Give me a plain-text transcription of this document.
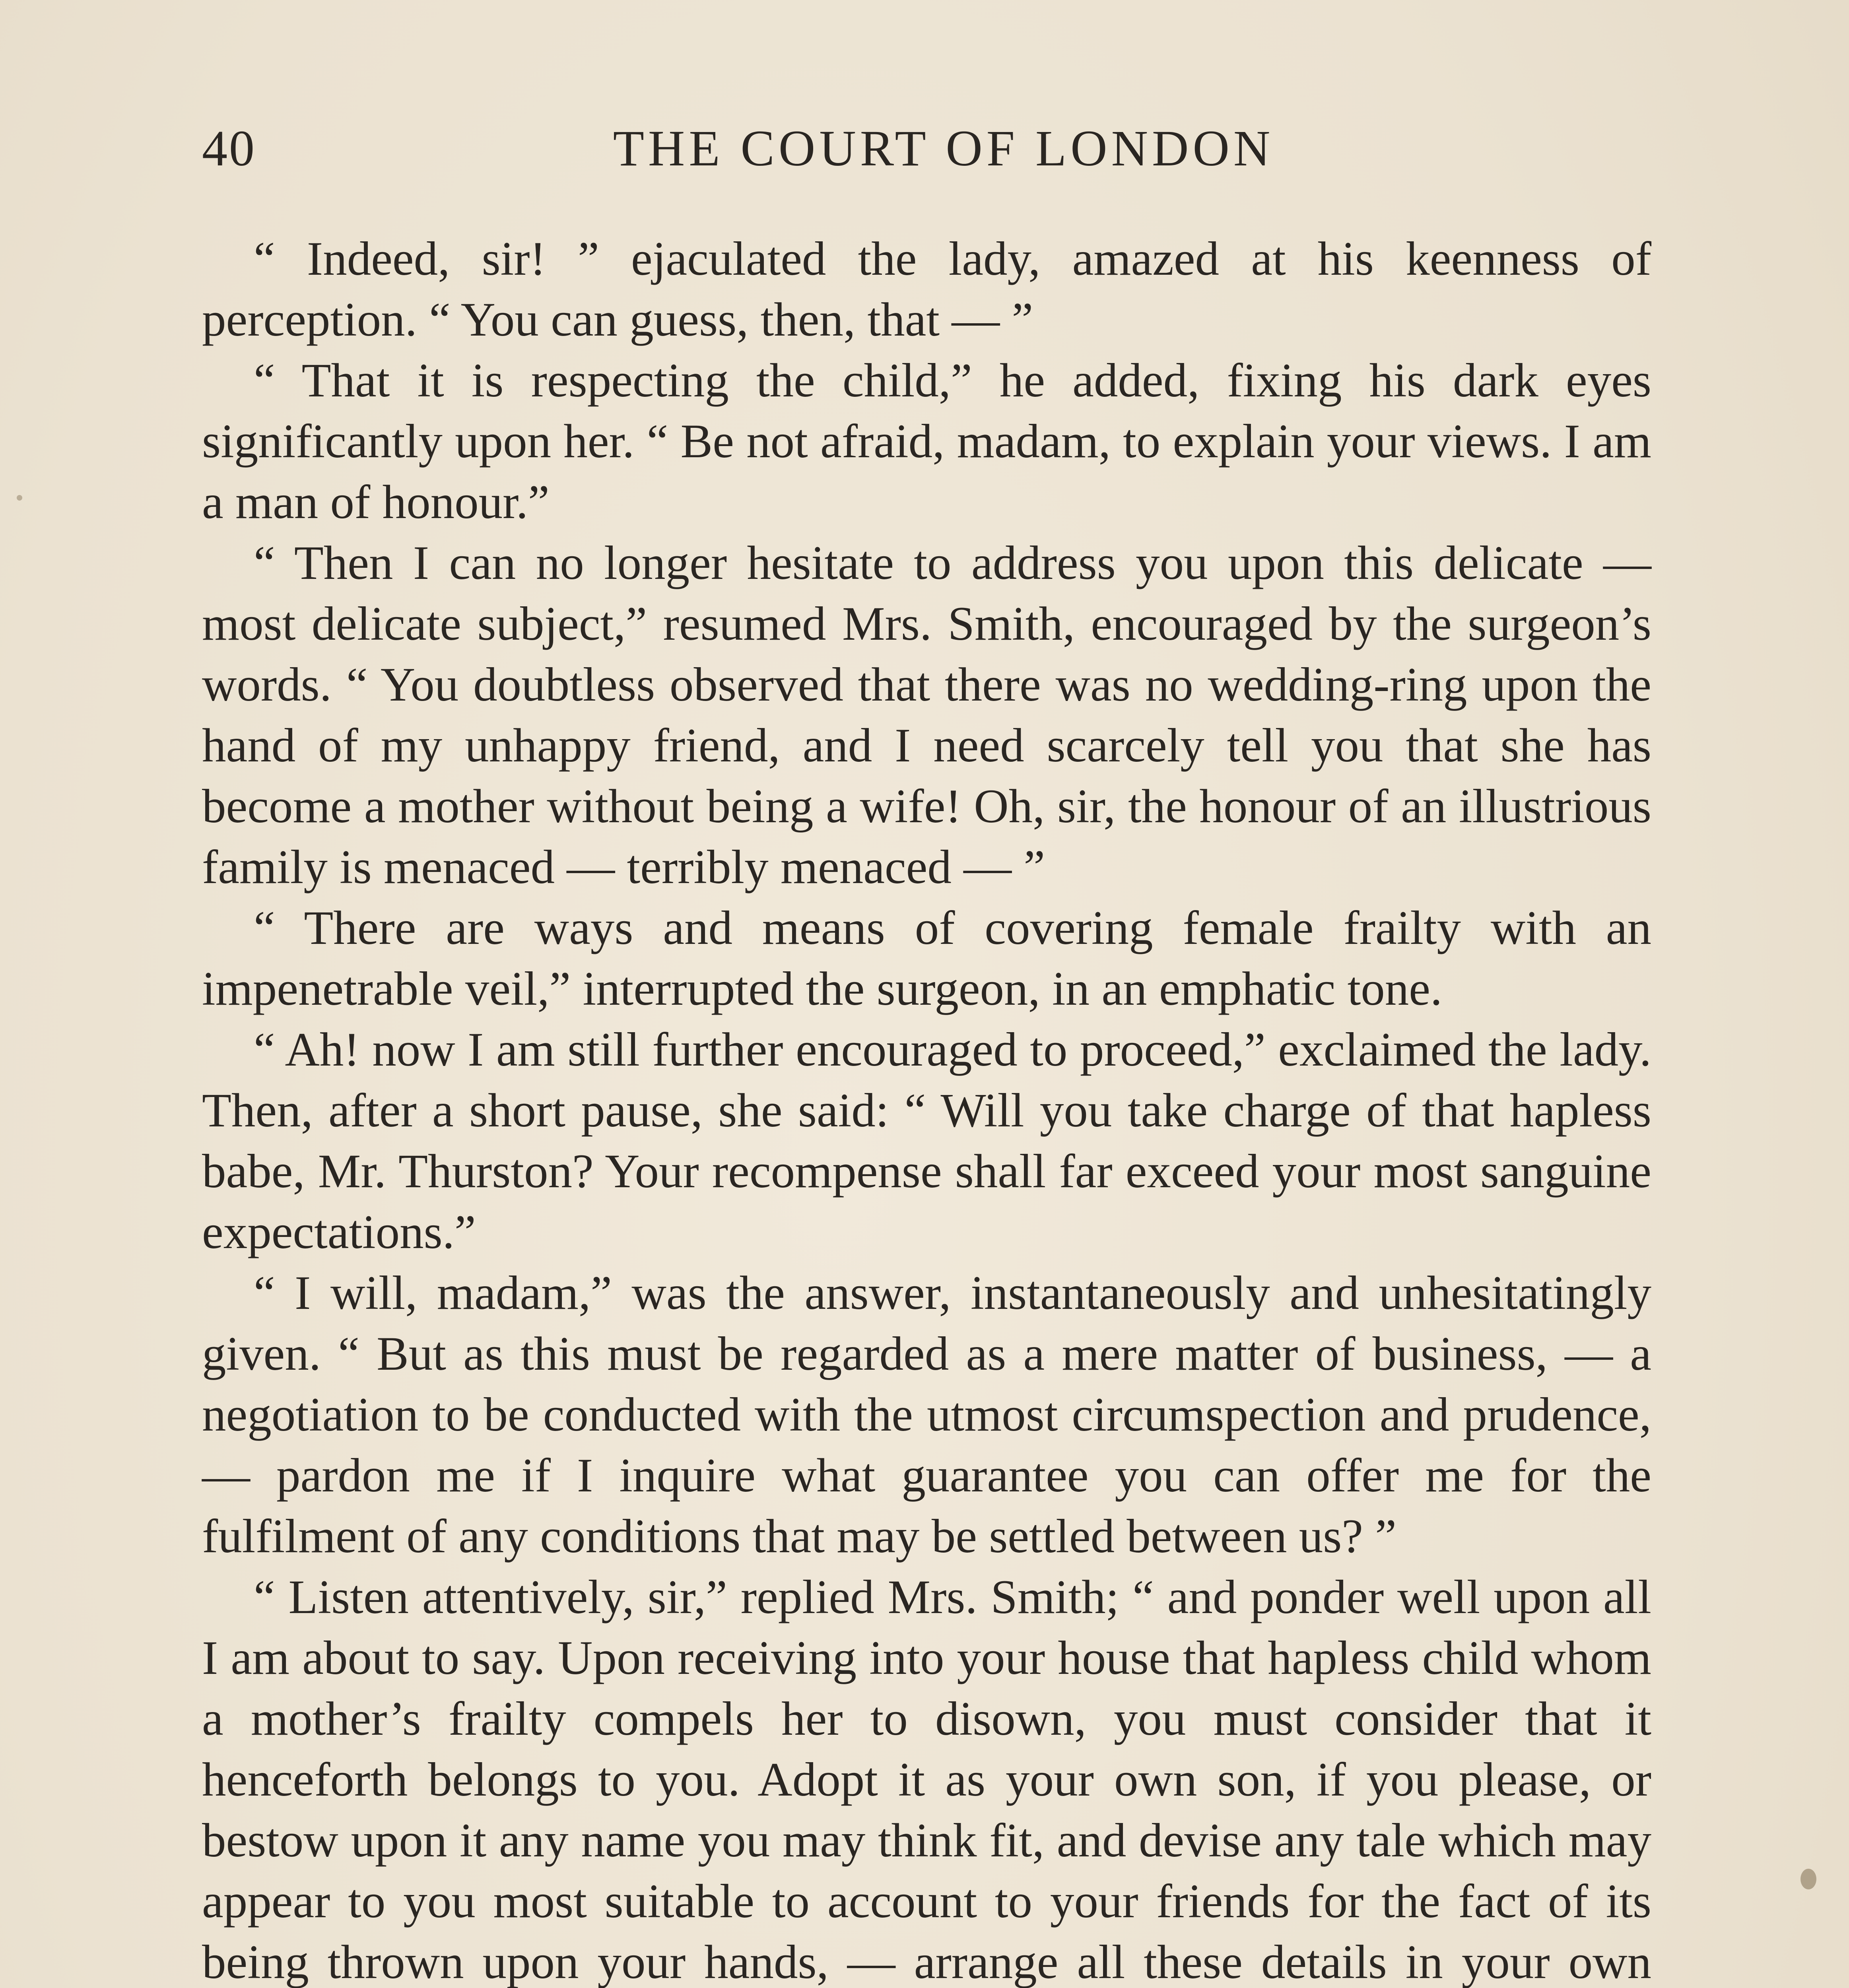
40	THE COURT OF LONDON

“ Indeed, sir! ” ejaculated the lady, amazed at his keenness of perception. “ You can guess, then, that — ”

“ That it is respecting the child,” he added, fixing his dark eyes significantly upon her. “ Be not afraid, madam, to explain your views. I am a man of honour.”

“ Then I can no longer hesitate to address you upon this delicate — most delicate subject,” resumed Mrs. Smith, encouraged by the surgeon’s words. “ You doubtless observed that there was no wedding-ring upon the hand of my unhappy friend, and I need scarcely tell you that she has become a mother without being a wife! Oh, sir, the honour of an illustrious family is menaced — terribly menaced — ”

“ There are ways and means of covering female frailty with an impenetrable veil,” interrupted the surgeon, in an emphatic tone.

“ Ah! now I am still further encouraged to proceed,” exclaimed the lady. Then, after a short pause, she said: “ Will you take charge of that hapless babe, Mr. Thurston? Your recompense shall far exceed your most sanguine expectations.”

“ I will, madam,” was the answer, instantaneously and unhesitatingly given. “ But as this must be regarded as a mere matter of business, — a negotiation to be conducted with the utmost circumspection and prudence, — pardon me if I inquire what guarantee you can offer me for the fulfilment of any conditions that may be settled between us? ”

“ Listen attentively, sir,” replied Mrs. Smith; “ and ponder well upon all I am about to say. Upon receiving into your house that hapless child whom a mother’s frailty compels her to disown, you must consider that it henceforth belongs to you. Adopt it as your own son, if you please, or bestow upon it any name you may think fit, and devise any tale which may appear to you most suitable to account to your friends for the fact of its being thrown upon your hands, — arrange all these details in your own
